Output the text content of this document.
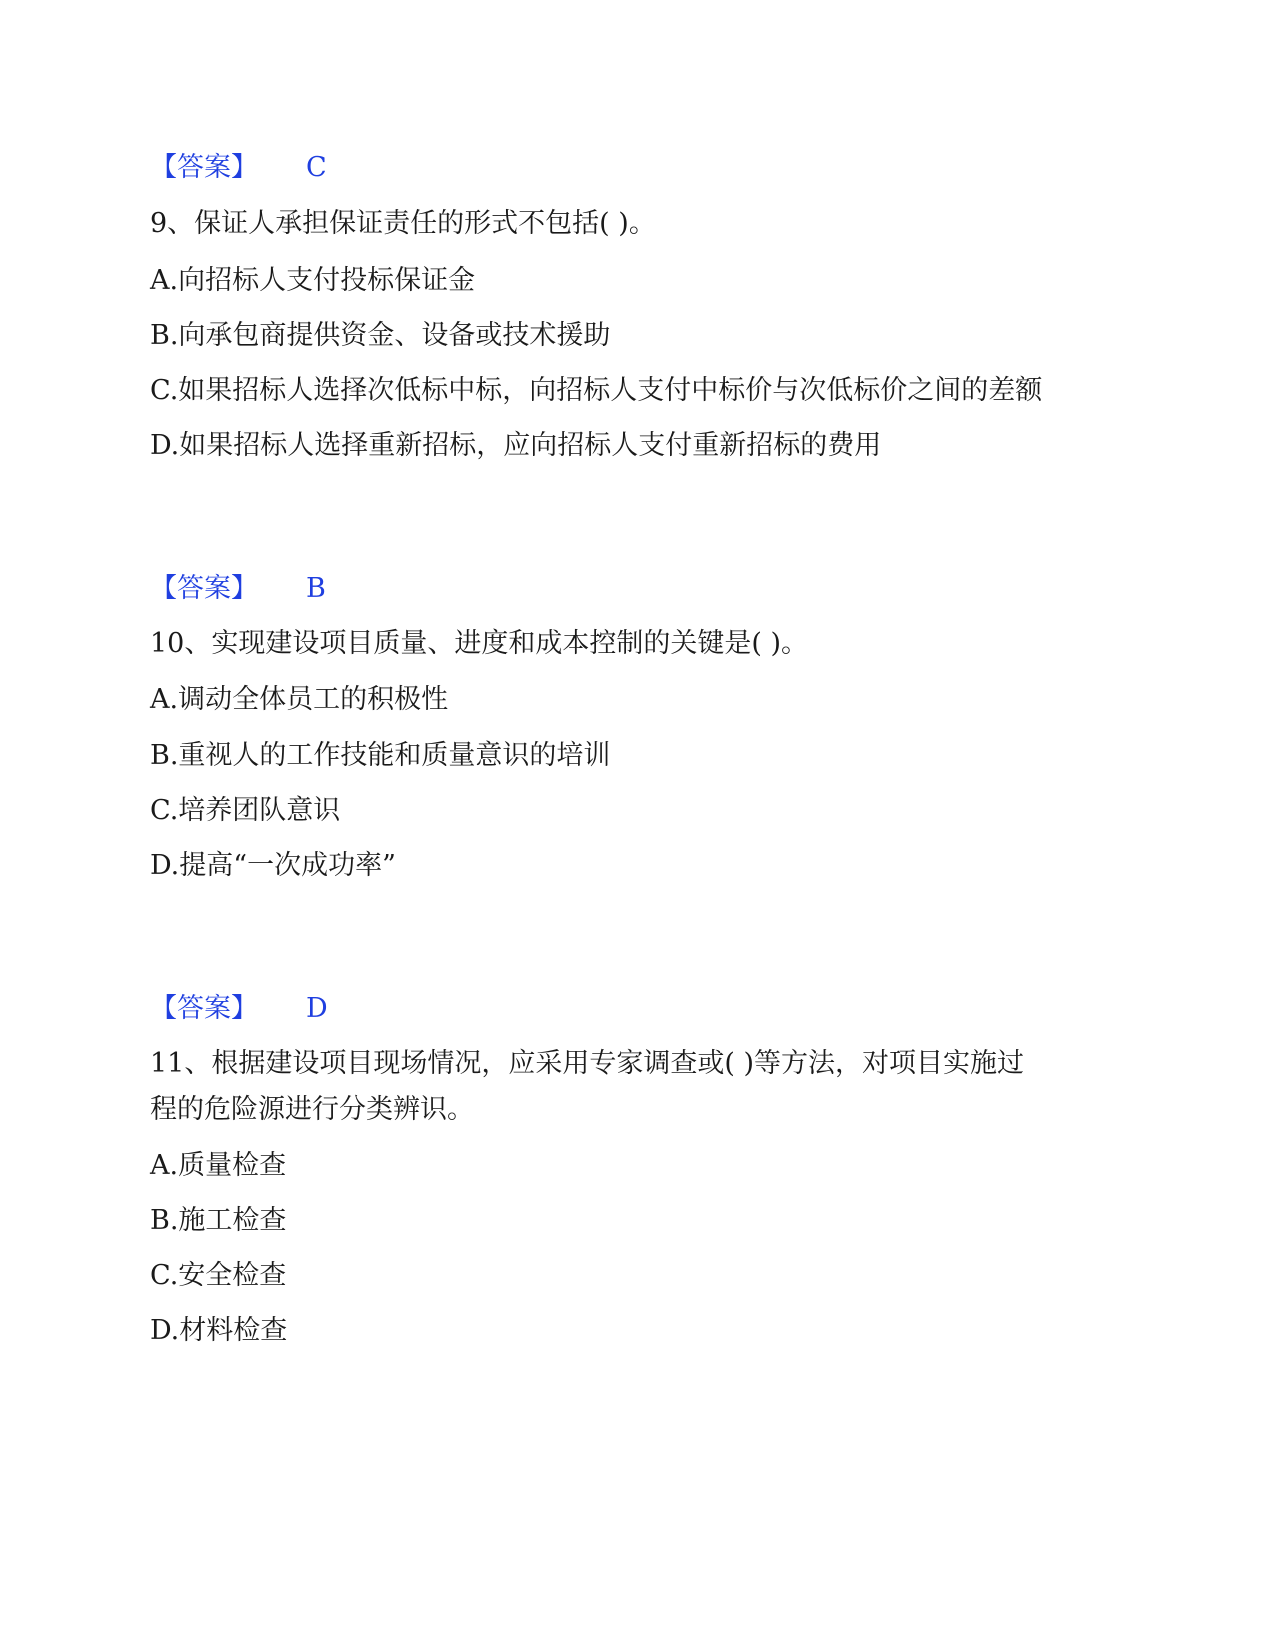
【答案】 C
9、保证人承担保证责任的形式不包括( )。
A.向招标人支付投标保证金
B.向承包商提供资金、设备或技术援助
C.如果招标人选择次低标中标，向招标人支付中标价与次低标价之间的差额
D.如果招标人选择重新招标，应向招标人支付重新招标的费用
【答案】 B
10、实现建设项目质量、进度和成本控制的关键是( )。
A.调动全体员工的积极性
B.重视人的工作技能和质量意识的培训
C.培养团队意识
D.提高“一次成功率”
【答案】 D
11、根据建设项目现场情况，应采用专家调查或( )等方法，对项目实施过
程的危险源进行分类辨识。
A.质量检查
B.施工检查
C.安全检查
D.材料检查
